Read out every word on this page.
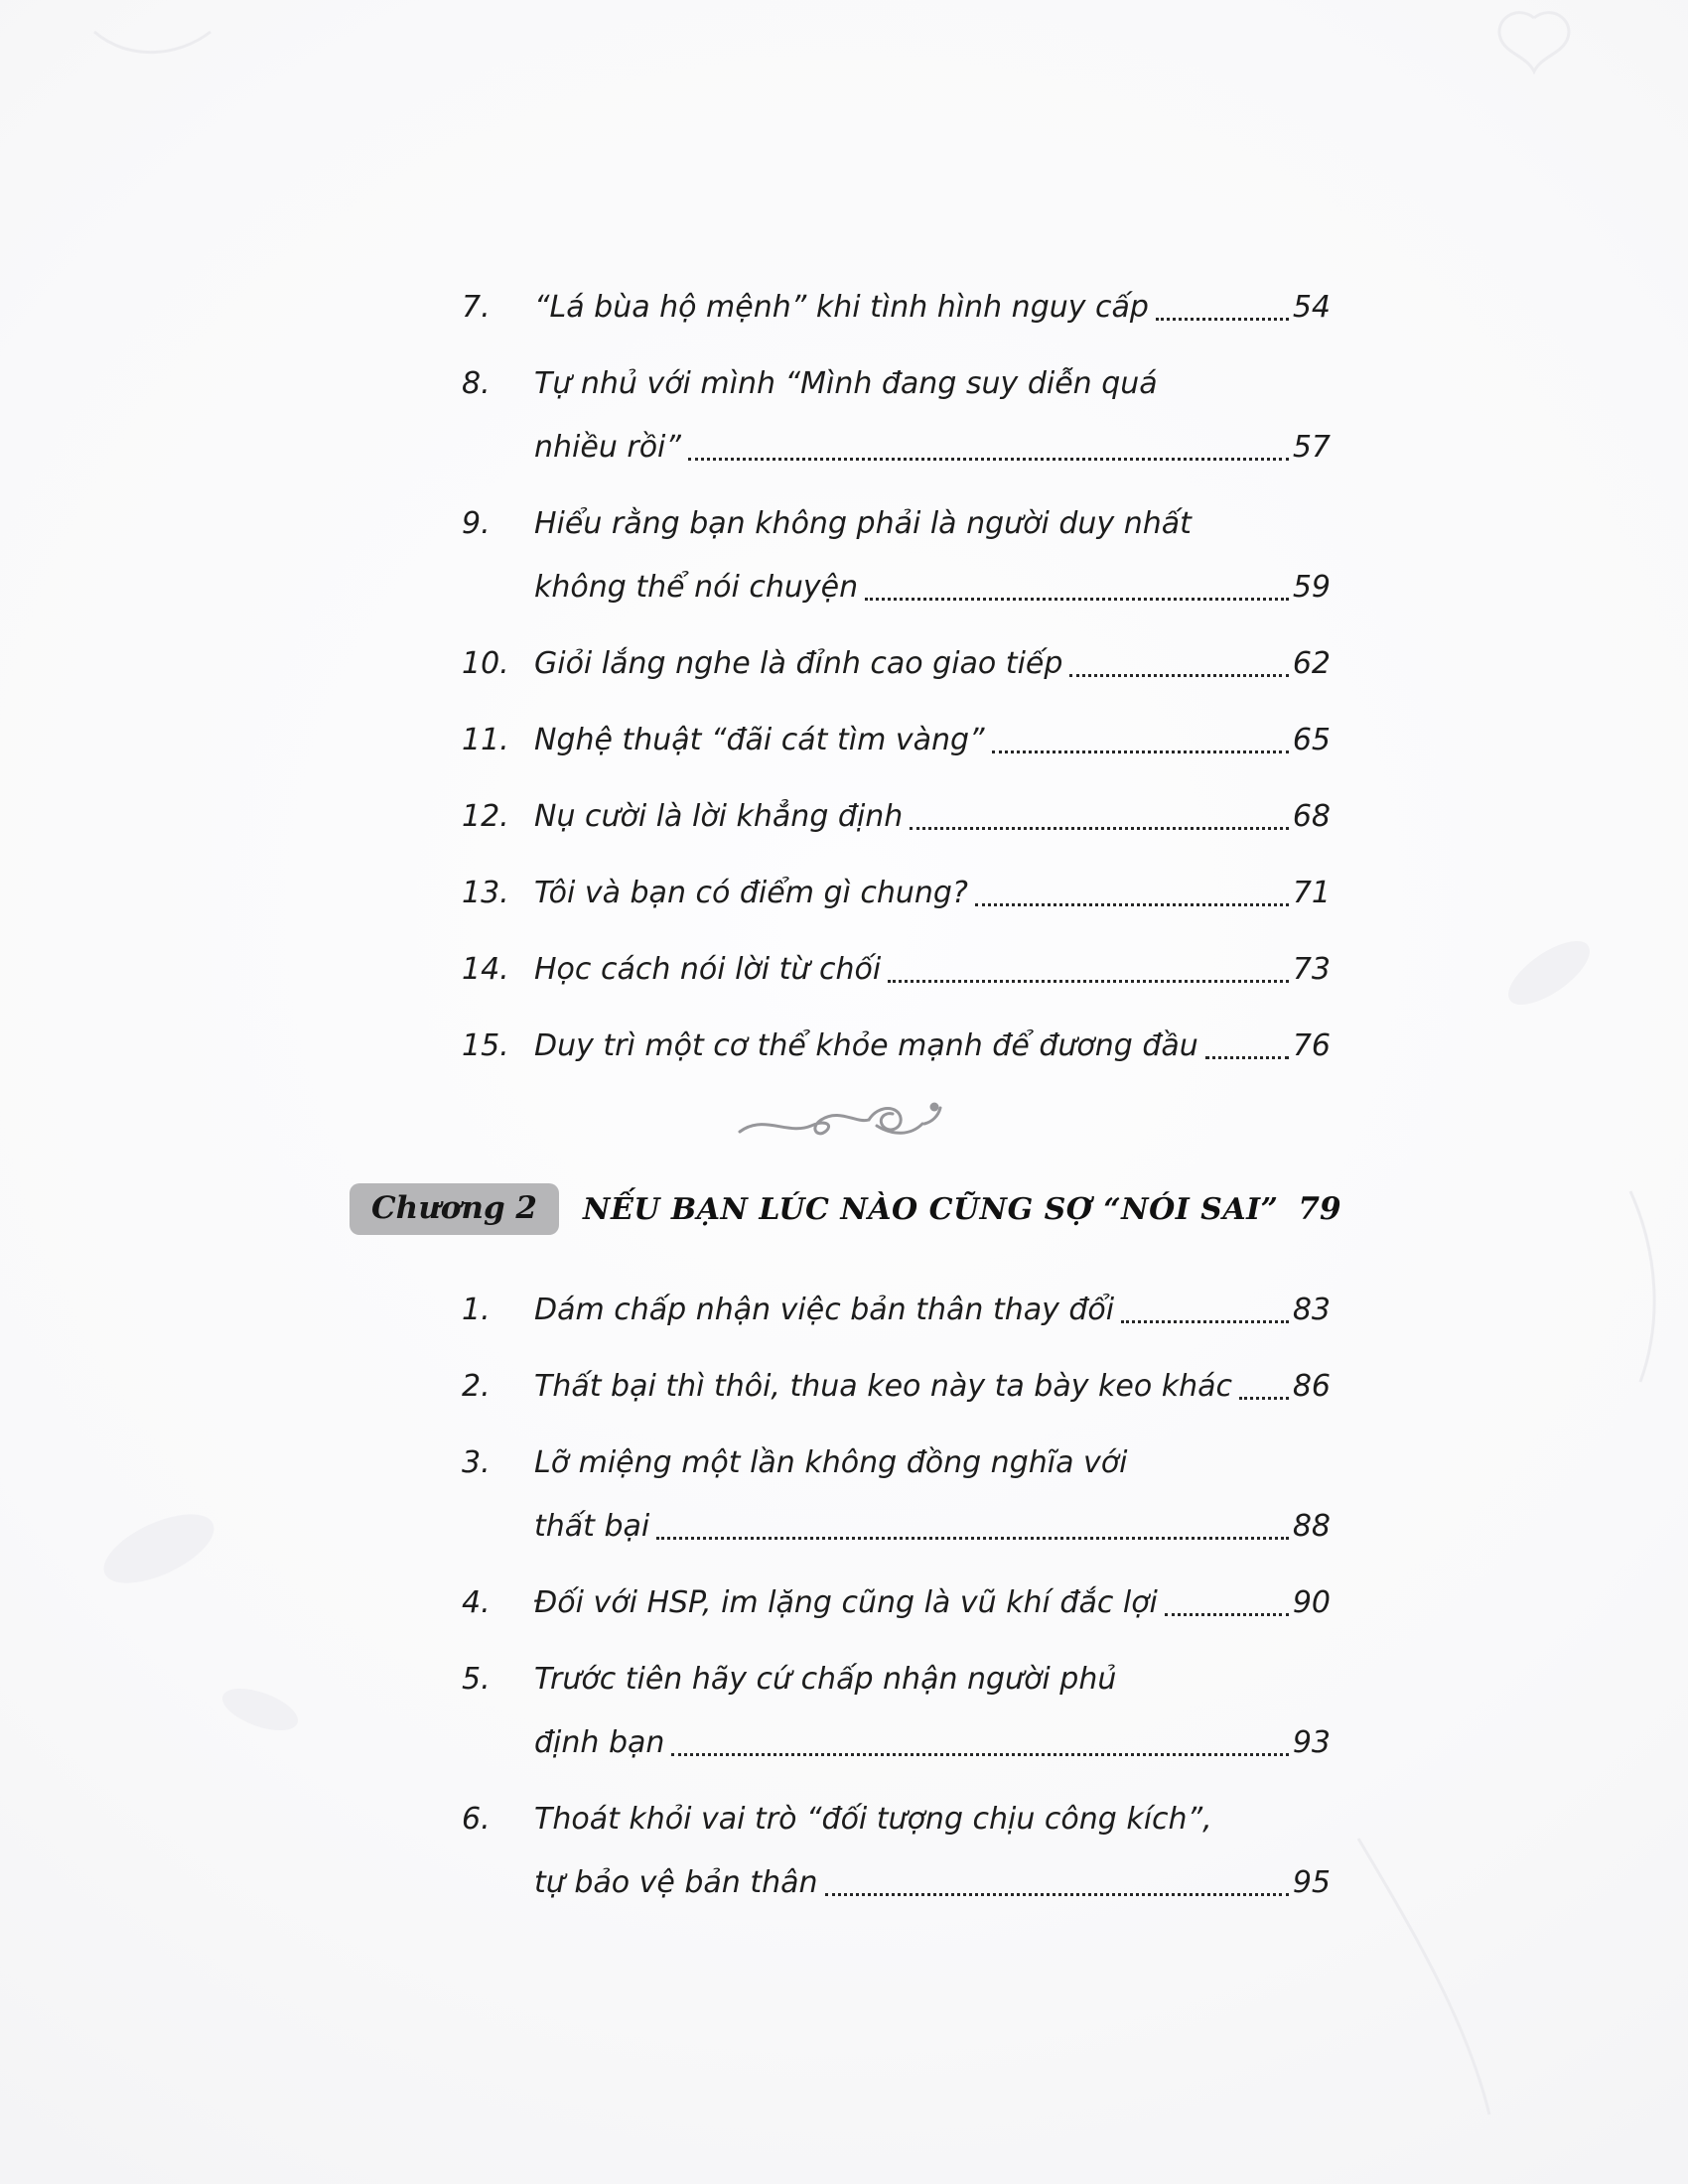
7.	“Lá bùa hộ mệnh” khi tình hình nguy cấp	54
8.	Tự nhủ với mình “Mình đang suy diễn quá
nhiều rồi”	57
9.	Hiểu rằng bạn không phải là người duy nhất
không thể nói chuyện	59
10. Giỏi lắng nghe là đỉnh cao giao tiếp	62
11. Nghệ thuật “đãi cát tìm vàng”	65
12. Nụ cười là lời khẳng định	68
13. Tôi và bạn có điểm gì chung?	71
14. Học cách nói lời từ chối	73
15. Duy trì một cơ thể khỏe mạnh để đương đầu	76
Chương 2	NẾU BẠN LÚC NÀO CŨNG SỢ “NÓI SAI” 79
1.	Dám chấp nhận việc bản thân thay đổi	83
2.	Thất bại thì thôi, thua keo này ta bày keo khác 86
3.	Lỡ miệng một lần không đồng nghĩa với
thất bại	88
4.	Đối với HSP, im lặng cũng là vũ khí đắc lợi	90
5.	Trước tiên hãy cứ chấp nhận người phủ
định bạn	93
6.	Thoát khỏi vai trò “đối tượng chịu công kích”,
tự bảo vệ bản thân	95
